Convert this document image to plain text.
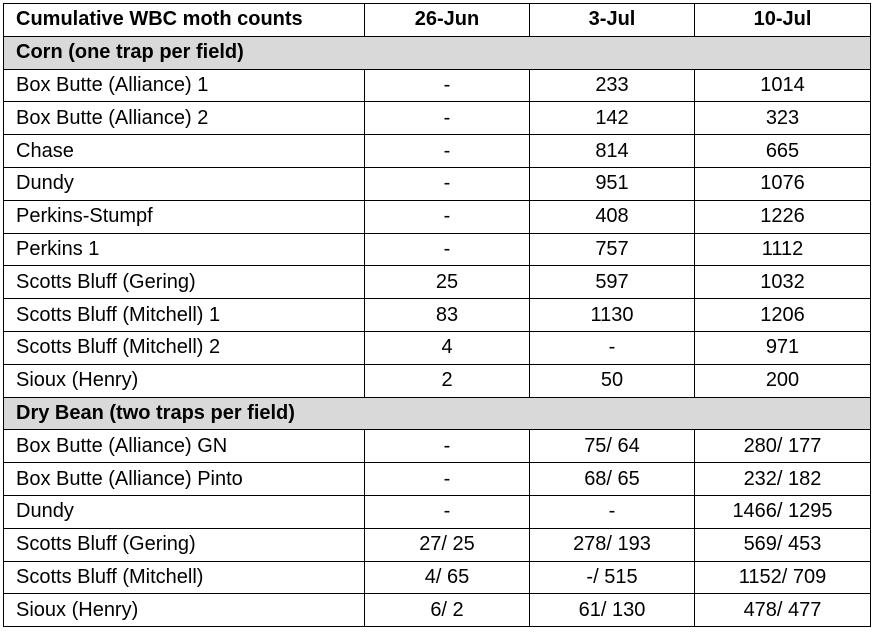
Cumulative WBC moth counts	26-Jun	3-Jul	10-Jul
Corn (one trap per field)			
Box Butte (Alliance) 1	-	233	1014
Box Butte (Alliance) 2	-	142	323
Chase	-	814	665
Dundy	-	951	1076
Perkins-Stumpf	-	408	1226
Perkins 1	-	757	1112
Scotts Bluff (Gering)	25	597	1032
Scotts Bluff (Mitchell) 1	83	1130	1206
Scotts Bluff (Mitchell) 2	4	-	971
Sioux (Henry)	2	50	200
Dry Bean (two traps per field)			
Box Butte (Alliance) GN	-	75/ 64	280/ 177
Box Butte (Alliance) Pinto	-	68/ 65	232/ 182
Dundy	-	-	1466/ 1295
Scotts Bluff (Gering)	27/ 25	278/ 193	569/ 453
Scotts Bluff (Mitchell)	4/ 65	-/ 515	1152/ 709
Sioux (Henry)	6/ 2	61/ 130	478/ 477
